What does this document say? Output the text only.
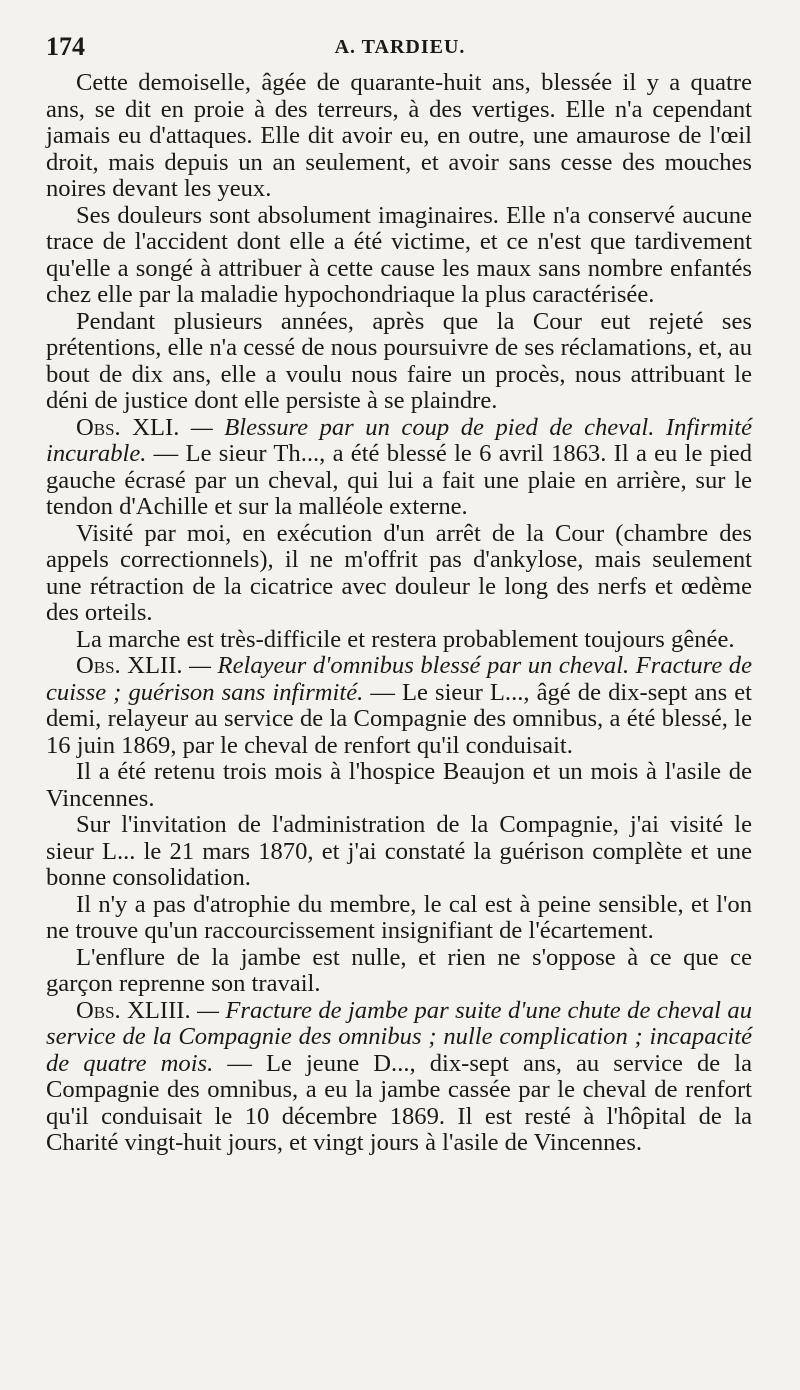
174	A. TARDIEU.

Cette demoiselle, âgée de quarante-huit ans, blessée il y a quatre ans, se dit en proie à des terreurs, à des vertiges. Elle n'a cependant jamais eu d'attaques. Elle dit avoir eu, en outre, une amaurose de l'œil droit, mais depuis un an seulement, et avoir sans cesse des mouches noires devant les yeux.

Ses douleurs sont absolument imaginaires. Elle n'a conservé aucune trace de l'accident dont elle a été victime, et ce n'est que tardivement qu'elle a songé à attribuer à cette cause les maux sans nombre enfantés chez elle par la maladie hypochondriaque la plus caractérisée.

Pendant plusieurs années, après que la Cour eut rejeté ses prétentions, elle n'a cessé de nous poursuivre de ses réclamations, et, au bout de dix ans, elle a voulu nous faire un procès, nous attribuant le déni de justice dont elle persiste à se plaindre.

Obs. XLI. — Blessure par un coup de pied de cheval. Infirmité incurable. — Le sieur Th..., a été blessé le 6 avril 1863. Il a eu le pied gauche écrasé par un cheval, qui lui a fait une plaie en arrière, sur le tendon d'Achille et sur la malléole externe.

Visité par moi, en exécution d'un arrêt de la Cour (chambre des appels correctionnels), il ne m'offrit pas d'ankylose, mais seulement une rétraction de la cicatrice avec douleur le long des nerfs et œdème des orteils.

La marche est très-difficile et restera probablement toujours gênée.

Obs. XLII. — Relayeur d'omnibus blessé par un cheval. Fracture de cuisse ; guérison sans infirmité. — Le sieur L..., âgé de dix-sept ans et demi, relayeur au service de la Compagnie des omnibus, a été blessé, le 16 juin 1869, par le cheval de renfort qu'il conduisait.

Il a été retenu trois mois à l'hospice Beaujon et un mois à l'asile de Vincennes.

Sur l'invitation de l'administration de la Compagnie, j'ai visité le sieur L... le 21 mars 1870, et j'ai constaté la guérison complète et une bonne consolidation.

Il n'y a pas d'atrophie du membre, le cal est à peine sensible, et l'on ne trouve qu'un raccourcissement insignifiant de l'écartement.

L'enflure de la jambe est nulle, et rien ne s'oppose à ce que ce garçon reprenne son travail.

Obs. XLIII. — Fracture de jambe par suite d'une chute de cheval au service de la Compagnie des omnibus ; nulle complication ; incapacité de quatre mois. — Le jeune D..., dix-sept ans, au service de la Compagnie des omnibus, a eu la jambe cassée par le cheval de renfort qu'il conduisait le 10 décembre 1869. Il est resté à l'hôpital de la Charité vingt-huit jours, et vingt jours à l'asile de Vincennes.
